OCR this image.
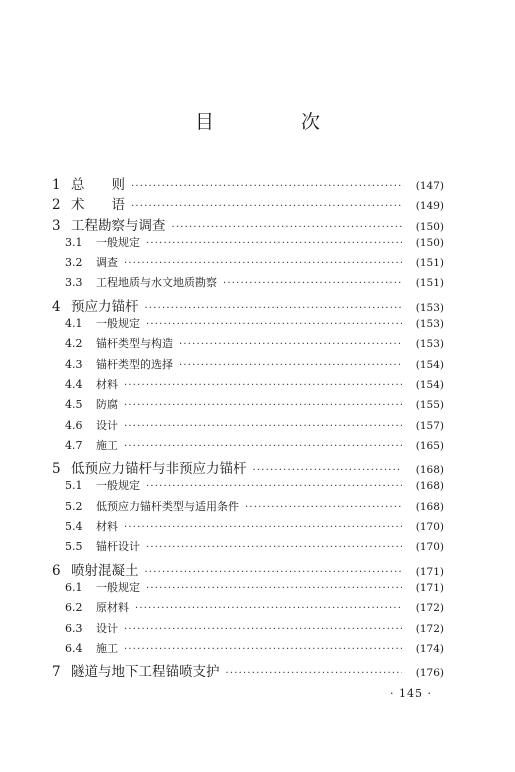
目　次
1 总　　则 ·····	(147)
2 术　　语 ·····	(149)
3 工程勘察与调查 ·····	(150)
3.1	一般规定 ·····	(150)
3.2	调查 ·····	(151)
3.3	工程地质与水文地质勘察 ·····	(151)
4 预应力锚杆 ·····	(153)
4.1	一般规定 ·····	(153)
4.2	锚杆类型与构造 ·····	(153)
4.3	锚杆类型的选择 ·····	(154)
4.4	材料 ·····	(154)
4.5	防腐 ·····	(155)
4.6	设计 ·····	(157)
4.7	施工 ·····	(165)
5 低预应力锚杆与非预应力锚杆 ·····	(168)
5.1	一般规定 ·····	(168)
5.2	低预应力锚杆类型与适用条件 ·····	(168)
5.4	材料 ·····	(170)
5.5	锚杆设计 ·····	(170)
6 喷射混凝土 ·····	(171)
6.1	一般规定 ·····	(171)
6.2	原材料 ·····	(172)
6.3	设计 ·····	(172)
6.4	施工 ·····	(174)
7 隧道与地下工程锚喷支护 ·····	(176)
· 145 ·
